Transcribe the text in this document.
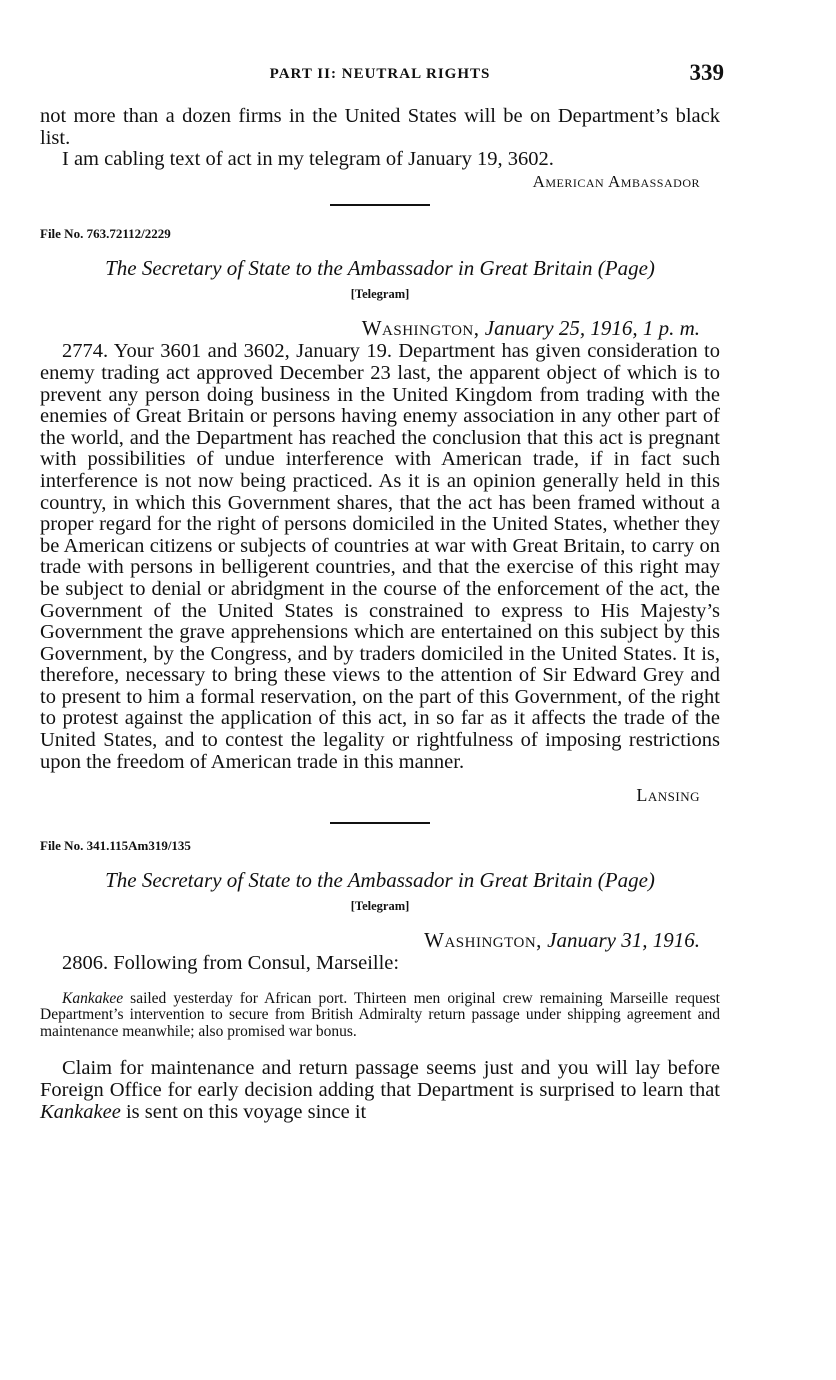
PART II: NEUTRAL RIGHTS	339

not more than a dozen firms in the United States will be on Department’s black list.

I am cabling text of act in my telegram of January 19, 3602.

American Ambassador

File No. 763.72112/2229

The Secretary of State to the Ambassador in Great Britain (Page)

[Telegram]

Washington, January 25, 1916, 1 p. m.

2774. Your 3601 and 3602, January 19. Department has given consideration to enemy trading act approved December 23 last, the apparent object of which is to prevent any person doing business in the United Kingdom from trading with the enemies of Great Britain or persons having enemy association in any other part of the world, and the Department has reached the conclusion that this act is pregnant with possibilities of undue interference with American trade, if in fact such interference is not now being practiced. As it is an opinion generally held in this country, in which this Government shares, that the act has been framed without a proper regard for the right of persons domiciled in the United States, whether they be American citizens or subjects of countries at war with Great Britain, to carry on trade with persons in belligerent countries, and that the exercise of this right may be subject to denial or abridgment in the course of the enforcement of the act, the Government of the United States is constrained to express to His Majesty’s Government the grave apprehensions which are entertained on this subject by this Government, by the Congress, and by traders domiciled in the United States. It is, therefore, necessary to bring these views to the attention of Sir Edward Grey and to present to him a formal reservation, on the part of this Government, of the right to protest against the application of this act, in so far as it affects the trade of the United States, and to contest the legality or rightfulness of imposing restrictions upon the freedom of American trade in this manner.

Lansing

File No. 341.115Am319/135

The Secretary of State to the Ambassador in Great Britain (Page)

[Telegram]

Washington, January 31, 1916.

2806. Following from Consul, Marseille:

Kankakee sailed yesterday for African port. Thirteen men original crew remaining Marseille request Department’s intervention to secure from British Admiralty return passage under shipping agreement and maintenance meanwhile; also promised war bonus.

Claim for maintenance and return passage seems just and you will lay before Foreign Office for early decision adding that Department is surprised to learn that Kankakee is sent on this voyage since it
